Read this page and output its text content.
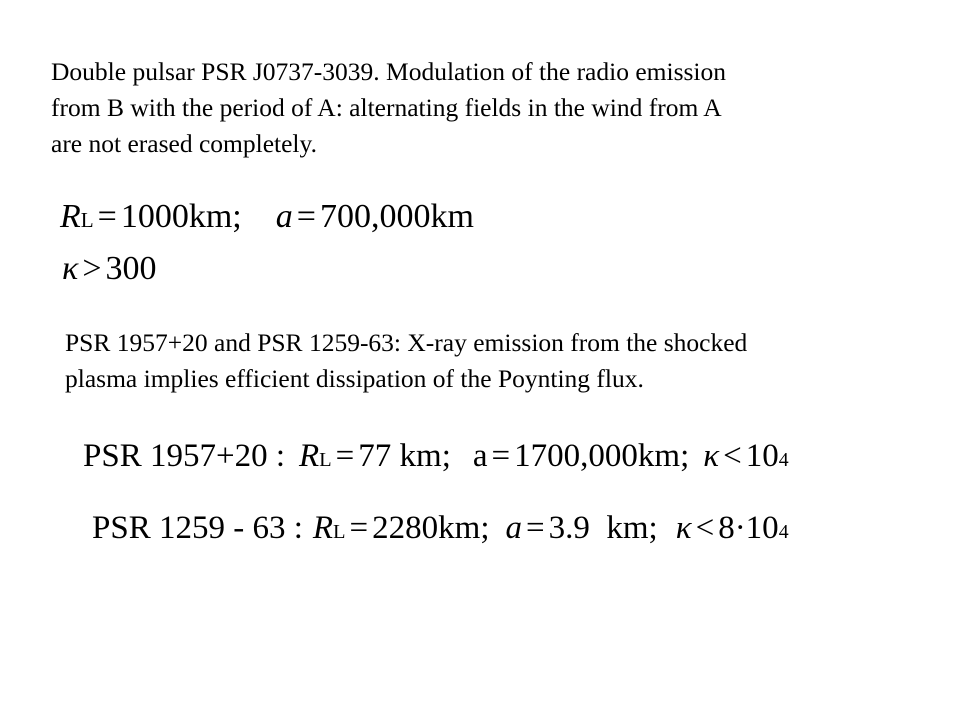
Double pulsar PSR J0737-3039. Modulation of the radio emission
from B with the period of A: alternating fields in the wind from A
are not erased completely.
R L = 1000km; a = 700,000km
κ > 300
PSR 1957+20 and PSR 1259-63: X-ray emission from the shocked
plasma implies efficient dissipation of the Poynting flux.
PSR 1957+20 : R L = 77 km; a = 1700,000km; κ < 10 4
PSR 1259 - 63 : R L = 2280km; a = 3.9  km; κ < 8·10 4
